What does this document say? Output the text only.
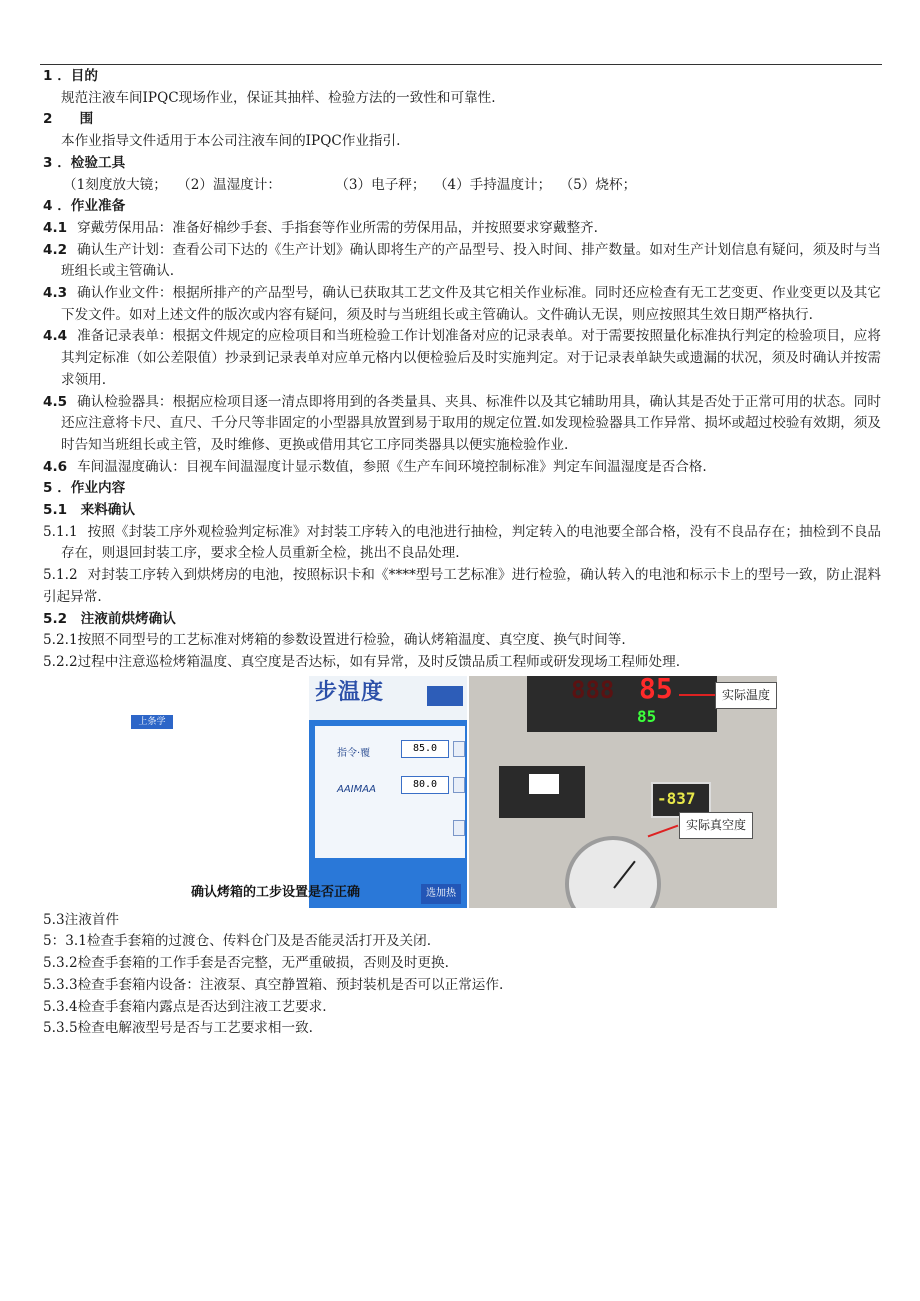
1 ．目的

规范注液车间IPQC现场作业，保证其抽样、检验方法的一致性和可靠性.

2　　围

本作业指导文件适用于本公司注液车间的IPQC作业指引.

3 ．检验工具

（1刻度放大镜； （2）温湿度计：	（3）电子秤； （4）手持温度计； （5）烧杯；

4 ．作业准备

4.1 穿戴劳保用品：准备好棉纱手套、手指套等作业所需的劳保用品，并按照要求穿戴整齐.

4.2 确认生产计划：查看公司下达的《生产计划》确认即将生产的产品型号、投入时间、排产数量。如对生产计划信息有疑问，须及时与当班组长或主管确认.

4.3 确认作业文件：根据所排产的产品型号，确认已获取其工艺文件及其它相关作业标准。同时还应检查有无工艺变更、作业变更以及其它下发文件。如对上述文件的版次或内容有疑问，须及时与当班组长或主管确认。文件确认无误，则应按照其生效日期严格执行.

4.4 准备记录表单：根据文件规定的应检项目和当班检验工作计划准备对应的记录表单。对于需要按照量化标准执行判定的检验项目，应将其判定标准（如公差限值）抄录到记录表单对应单元格内以便检验后及时实施判定。对于记录表单缺失或遗漏的状况，须及时确认并按需求领用.

4.5 确认检验器具：根据应检项目逐一清点即将用到的各类量具、夹具、标准件以及其它辅助用具，确认其是否处于正常可用的状态。同时还应注意将卡尺、直尺、千分尺等非固定的小型器具放置到易于取用的规定位置.如发现检验器具工作异常、损坏或超过校验有效期，须及时告知当班组长或主管，及时维修、更换或借用其它工序同类器具以便实施检验作业.

4.6 车间温湿度确认：目视车间温湿度计显示数值，参照《生产车间环境控制标准》判定车间温湿度是否合格.

5 ．作业内容

5.1　来料确认

5.1.1 按照《封装工序外观检验判定标准》对封装工序转入的电池进行抽检，判定转入的电池要全部合格，没有不良品存在；抽检到不良品存在，则退回封装工序，要求全检人员重新全检，挑出不良品处理.

5.1.2 对封装工序转入到烘烤房的电池，按照标识卡和《****型号工艺标准》进行检验，确认转入的电池和标示卡上的型号一致，防止混料引起异常.

5.2　注液前烘烤确认

5.2.1按照不同型号的工艺标准对烤箱的参数设置进行检验，确认烤箱温度、真空度、换气时间等.

5.2.2过程中注意巡检烤箱温度、真空度是否达标，如有异常，及时反馈品质工程师或研发现场工程师处理.

上条学
步温度
指令·覆	85.0
AAIMAA	80.0
选加热
确认烤箱的工步设置是否正确
888 85
85
实际温度
-837
实际真空度

5.3注液首件

5：3.1检查手套箱的过渡仓、传料仓门及是否能灵活打开及关闭.

5.3.2检查手套箱的工作手套是否完整，无严重破损，否则及时更换.

5.3.3检查手套箱内设备：注液泵、真空静置箱、预封装机是否可以正常运作.

5.3.4检查手套箱内露点是否达到注液工艺要求.

5.3.5检查电解液型号是否与工艺要求相一致.
